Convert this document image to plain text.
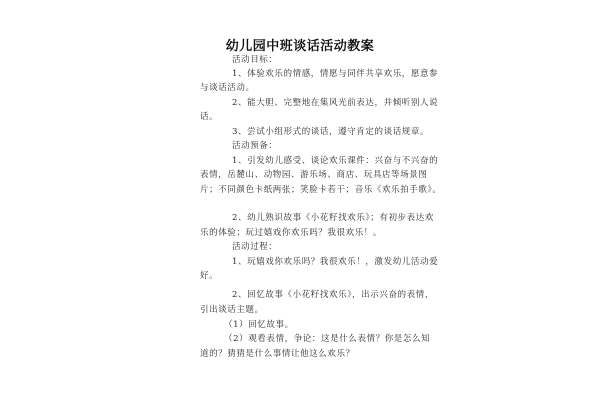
幼儿园中班谈话活动教案
活动目标：
1、体验欢乐的情感，情愿与同伴共享欢乐，愿意参
与谈话活动。
2、能大胆、完整地在集风光前表达，并倾听别人说
话。
3、尝试小组形式的谈话，遵守肯定的谈话规章。
活动预备：
1、引发幼儿感受、谈论欢乐课件：兴奋与不兴奋的
表情，岳麓山、动物园、游乐场、商店、玩具店等场景图
片；不同颜色卡纸两张；笑脸卡若干；音乐《欢乐拍手歌》。
2、幼儿熟识故事《小花籽找欢乐》；有初步表达欢
乐的体验；玩过嬉戏你欢乐吗？我很欢乐！。
活动过程：
1、玩嬉戏你欢乐吗？我很欢乐！，激发幼儿活动爱
好。
2、回忆故事《小花籽找欢乐》，出示兴奋的表情，
引出谈话主题。
（1）回忆故事。
（2）观看表情，争论：这是什么表情？你是怎么知
道的？猜猜是什么事情让他这么欢乐？
